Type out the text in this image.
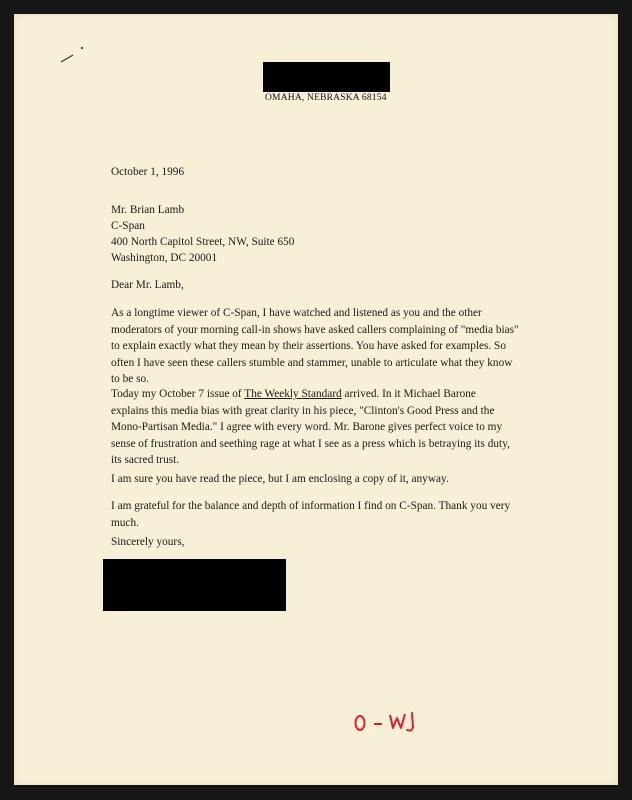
OMAHA, NEBRASKA 68154
October 1, 1996
Mr. Brian Lamb
C-Span
400 North Capitol Street, NW, Suite 650
Washington, DC 20001
Dear Mr. Lamb,
As a longtime viewer of C-Span, I have watched and listened as you and the other
moderators of your morning call-in shows have asked callers complaining of "media bias"
to explain exactly what they mean by their assertions. You have asked for examples. So
often I have seen these callers stumble and stammer, unable to articulate what they know
to be so.
Today my October 7 issue of The Weekly Standard arrived. In it Michael Barone
explains this media bias with great clarity in his piece, "Clinton's Good Press and the
Mono-Partisan Media." I agree with every word. Mr. Barone gives perfect voice to my
sense of frustration and seething rage at what I see as a press which is betraying its duty,
its sacred trust.
I am sure you have read the piece, but I am enclosing a copy of it, anyway.
I am grateful for the balance and depth of information I find on C-Span. Thank you very
much.
Sincerely yours,
